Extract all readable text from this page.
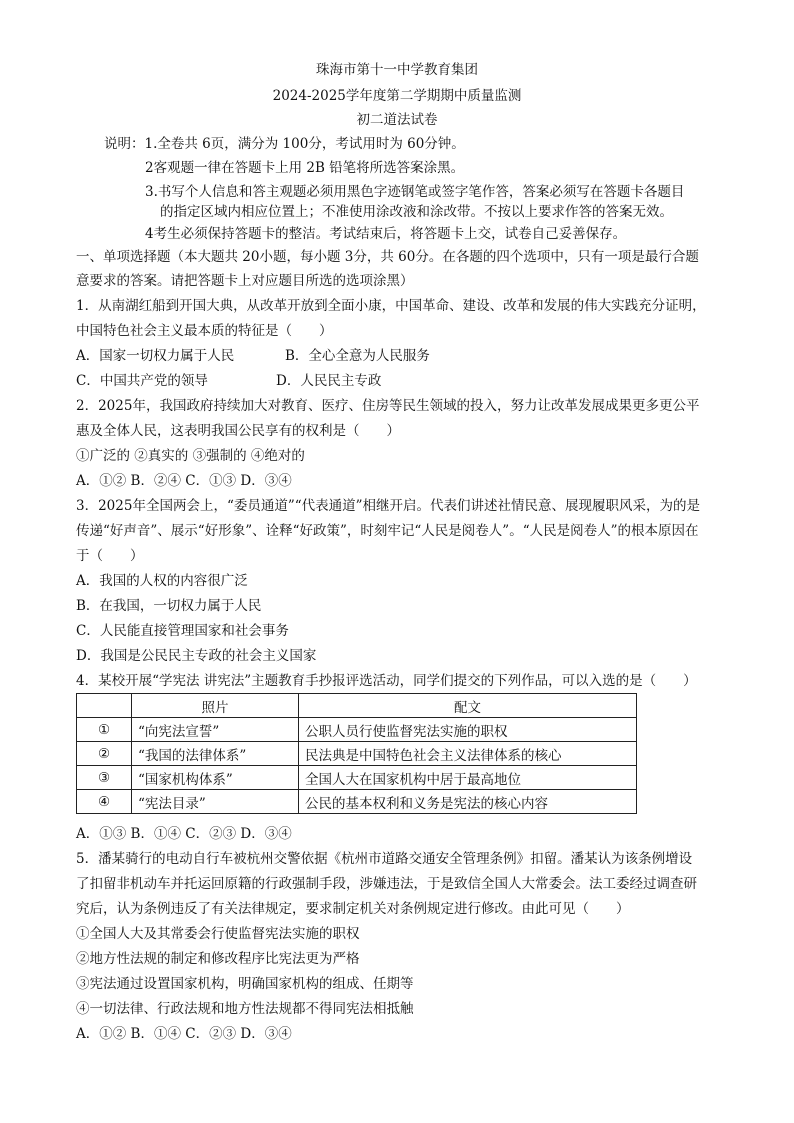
珠海市第十一中学教育集团
2024-2025学年度第二学期期中质量监测
初二道法试卷
说明：1.全卷共 6页，满分为 100分，考试用时为 60分钟。
2客观题一律在答题卡上用 2B 铅笔将所选答案涂黑。
3.书写个人信息和答主观题必须用黑色字迹钢笔或签字笔作答，答案必须写在答题卡各题目
的指定区域内相应位置上；不准使用涂改液和涂改带。不按以上要求作答的答案无效。
4考生必须保持答题卡的整洁。考试结束后，将答题卡上交，试卷自己妥善保存。
一、单项选择题（本大题共 20小题，每小题 3分，共 60分。在各题的四个选项中，只有一项是最行合题
意要求的答案。请把答题卡上对应题目所选的选项涂黑）
1．从南湖红船到开国大典，从改革开放到全面小康，中国革命、建设、改革和发展的伟大实践充分证明，
中国特色社会主义最本质的特征是（　　）
A．国家一切权力属于人民	B．全心全意为人民服务
C．中国共产党的领导	D．人民民主专政
2．2025年，我国政府持续加大对教育、医疗、住房等民生领域的投入，努力让改革发展成果更多更公平
惠及全体人民，这表明我国公民享有的权利是（　　）
①广泛的 ②真实的 ③强制的 ④绝对的
A．①② B．②④ C．①③ D．③④
3．2025年全国两会上，“委员通道”“代表通道”相继开启。代表们讲述社情民意、展现履职风采，为的是
传递“好声音”、展示“好形象”、诠释“好政策”，时刻牢记“人民是阅卷人”。“人民是阅卷人”的根本原因在
于（　　）
A．我国的人权的内容很广泛
B．在我国，一切权力属于人民
C．人民能直接管理国家和社会事务
D．我国是公民民主专政的社会主义国家
4．某校开展“学宪法 讲宪法”主题教育手抄报评选活动，同学们提交的下列作品，可以入选的是（　　）
	照片	配文
①	“向宪法宣誓”	公职人员行使监督宪法实施的职权
②	“我国的法律体系”	民法典是中国特色社会主义法律体系的核心
③	“国家机构体系”	全国人大在国家机构中居于最高地位
④	“宪法目录”	公民的基本权利和义务是宪法的核心内容
A．①③ B．①④ C．②③ D．③④
5．潘某骑行的电动自行车被杭州交警依据《杭州市道路交通安全管理条例》扣留。潘某认为该条例增设
了扣留非机动车并托运回原籍的行政强制手段，涉嫌违法，于是致信全国人大常委会。法工委经过调查研
究后，认为条例违反了有关法律规定，要求制定机关对条例规定进行修改。由此可见（　　）
①全国人大及其常委会行使监督宪法实施的职权
②地方性法规的制定和修改程序比宪法更为严格
③宪法通过设置国家机构，明确国家机构的组成、任期等
④一切法律、行政法规和地方性法规都不得同宪法相抵触
A．①② B．①④ C．②③ D．③④
